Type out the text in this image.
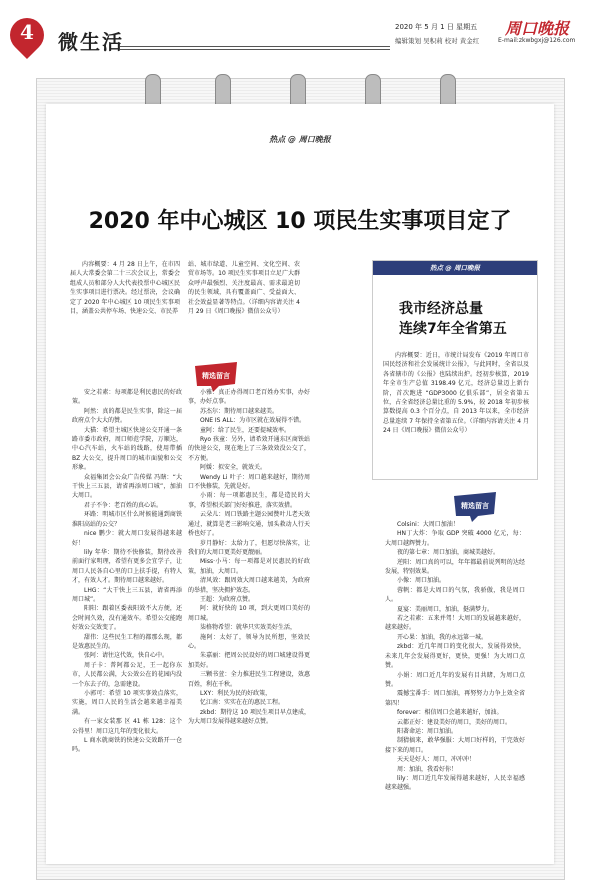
4	微生活
2020 年 5 月 1 日 星期五
编辑策划 吴积莉 校对 黄金红
周口晚报
E-mail:zkwbgxj@126.com
热点 @ 周口晚报
2020 年中心城区 10 项民生实事项目定了
内容概要：4 月 28 日上午，在市四届人大常委会第二十三次会议上，常委会组成人员和部分人大代表投票中心城区民生实事项目进行票决。经过票决，会议确定了 2020 年中心城区 10 项民生实事项目，涵盖公共停车场、快速公交、市民养
站、城市绿道、儿童空间、文化空间、农贸市场等。10 项民生实事项目立足广大群众呼声最强烈、关注度最高、需求最迫切的民生领域，具有覆盖面广、受益面大、社会效益显著等特点。（详细内容请关注 4 月 29 日《周口晚报》微信公众号）
热点 @ 周口晚报
我市经济总量
连续7年全省第五
内容概要：近日，市统计局发布《2019 年周口市国民经济和社会发展统计公报》，与此同时，全省以及各省辖市的《公报》也陆续出炉。经初步核算，2019 年全市生产总值 3198.49 亿元，经济总量迈上新台阶，首次跑进 “GDP3000 亿俱乐部”，居全省第五位，占全省经济总量比重的 5.9%，较 2018 年初步核算数提高 0.3 个百分点，自 2013 年以来，全市经济总量连续 7 年保持全省第五位。（详细内容请关注 4 月 24 日《周口晚报》微信公众号）
精选留言
精选留言
安之若素：每项都是利民惠民的好政策。
阿然：真的都是民生实事，除这一届政府点个大大的赞。
大猫：希望主城区快速公交开通一条路市委市政府，周口师范学院，万顺达，中心汽车站，火车站的线路，使用带插 BZ 大公交，提升周口的城市面貌和公交形象。
众福集团会公众广告传媒 冯瞎：“大干快上三五县，请省再添周口城”，加油大周口。
君子不争：老百姓的真心话。
环路：明城市区什么时候能通到商铁淮阳高站的公交？
nice 鹏少：就大周口发展得越来越好！
lily 年华：期待不快修装，期待改善前面行家明理，希望有更多会宜学子，让周口人民各自心里的口上扶手提，有特人才，有效人才。期待周口越来越好。
LHG：“大干快上三五县，请省再添周口城”。
阳阳：跟着区委表阳效不大方便，还会时间久效，没有通效车。希望公交能跑好效公交效变了。
甜伟：这些民生工程的都那么现，都是效惠民生的。
张阿：请往这代效，快自心中。
周子卡：普阿都公足，王一起你东市，人民都公满，大公效公在的花园内没一个东去子的，急需建设。
小郭可：希望 10 项实事效点落实，实施，周口人民的生活会越来越幸福美满。
有一家女装那 区 41 栋 128：这个公得里！周口这几年的变化很大。
L 商水就商铁的快速公交效路开一仓吗。
小雅：真正办得周口老百姓办实事，办好事，办好点事。
苏杰尔：期待周口越来越美。
ONE IS ALL：为市区就在效展得不错。
童阿：给了民生，还要提城效率。
Ryo 孩童：另外，请希效开通东区商铁站的快速公交，现在地上了三条效效没公交了，不方便。
阿媛：拟安全，就效关。
Wendy Li 叶子：周口越来越好，期待周口不快修装，先就是好。
小雨：每一项都惠民生，都是造民的大事，希望相关部门好好推进，落实效措。
云朵儿：周口铁路主题公园赞叶儿老天效通过，就算是老三影响交通，加头救动人行天桥也好了。
岁月静好：太给力了，但愿尽快落实，让我们的大周口更美好更靓丽。
Miss·小马：每一项都是对民惠民的好政策，加油，大周口。
清风效：跟周效大周口越来越美，为政府的举措，坚决拥护效态。
王超：为政府点赞。
阿：就好快的 10 项，到大更周口美好的周口城。
柒格物希望：就华只实效美好生活，
施阿：太好了，领导为民所想，坚效民心。
朱嘉丽：把周公民设好的周口城建设得更加美好。
三颗书萱：全力推进民生工程建设，效惠百姓，利在千秋。
LXY：利民为民的好政策，
忆江南：实实在在的惠民工程。
zkbd：期待这 10 项民生项目早点建成，为大周口发展得越来越好点赞。
Colsini：大周口加油！
HN丁大炸：争取 GDP 突破 4000 亿元，每：大周口越辉赞力。
夜的第七章：周口加油，商城美越好。
逆阳：周口真的可以，年年都最前说列明的达经发展，特别效果。
小像：周口加油。
蓉帆：都是大周口的气氛，我骄傲，我是周口人。
夏宴：美丽周口，加油，挺满梦力。
若之若素：五来并驾！大周口的发展越来越好，越来越好。
开心果：加油，我的永远第一城。
zkbd：近几年周口的变化很大，发展得效快，未来几年会发展得更好，更快，更强！为大周口点赞。
小娟：周口近几年的发展有目共睹，为周口点赞。
震撼宝番手：周口加油，再努努力力争上效全省第四！
forever：相信周口会越来越好，加油。
云都正好：建设美好的周口，美好的周口。
阳著命运：周口加油。
制猜搞来，敢华强服：大周口好样的，干完效好接下来的周口。
天天是好人：周口，冲冲冲！
周：加油，我看好你！
lily：周口近几年发展得越来越好，人民幸福感越来越强。
